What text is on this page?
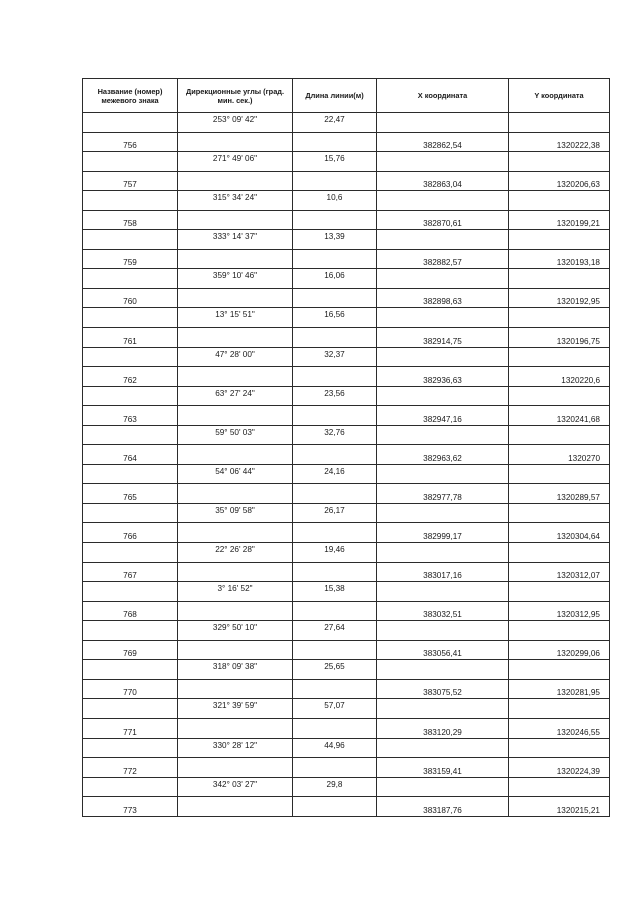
Название (номер) межевого знака	Дирекционные углы (град. мин. сек.)	Длина линии(м)	X координата	Y координата
	253° 09' 42"	22,47		
756			382862,54	1320222,38
	271° 49' 06"	15,76		
757			382863,04	1320206,63
	315° 34' 24"	10,6		
758			382870,61	1320199,21
	333° 14' 37"	13,39		
759			382882,57	1320193,18
	359° 10' 46"	16,06		
760			382898,63	1320192,95
	13° 15' 51"	16,56		
761			382914,75	1320196,75
	47° 28' 00"	32,37		
762			382936,63	1320220,6
	63° 27' 24"	23,56		
763			382947,16	1320241,68
	59° 50' 03"	32,76		
764			382963,62	1320270
	54° 06' 44"	24,16		
765			382977,78	1320289,57
	35° 09' 58"	26,17		
766			382999,17	1320304,64
	22° 26' 28"	19,46		
767			383017,16	1320312,07
	3° 16' 52"	15,38		
768			383032,51	1320312,95
	329° 50' 10"	27,64		
769			383056,41	1320299,06
	318° 09' 38"	25,65		
770			383075,52	1320281,95
	321° 39' 59"	57,07		
771			383120,29	1320246,55
	330° 28' 12"	44,96		
772			383159,41	1320224,39
	342° 03' 27"	29,8		
773			383187,76	1320215,21
